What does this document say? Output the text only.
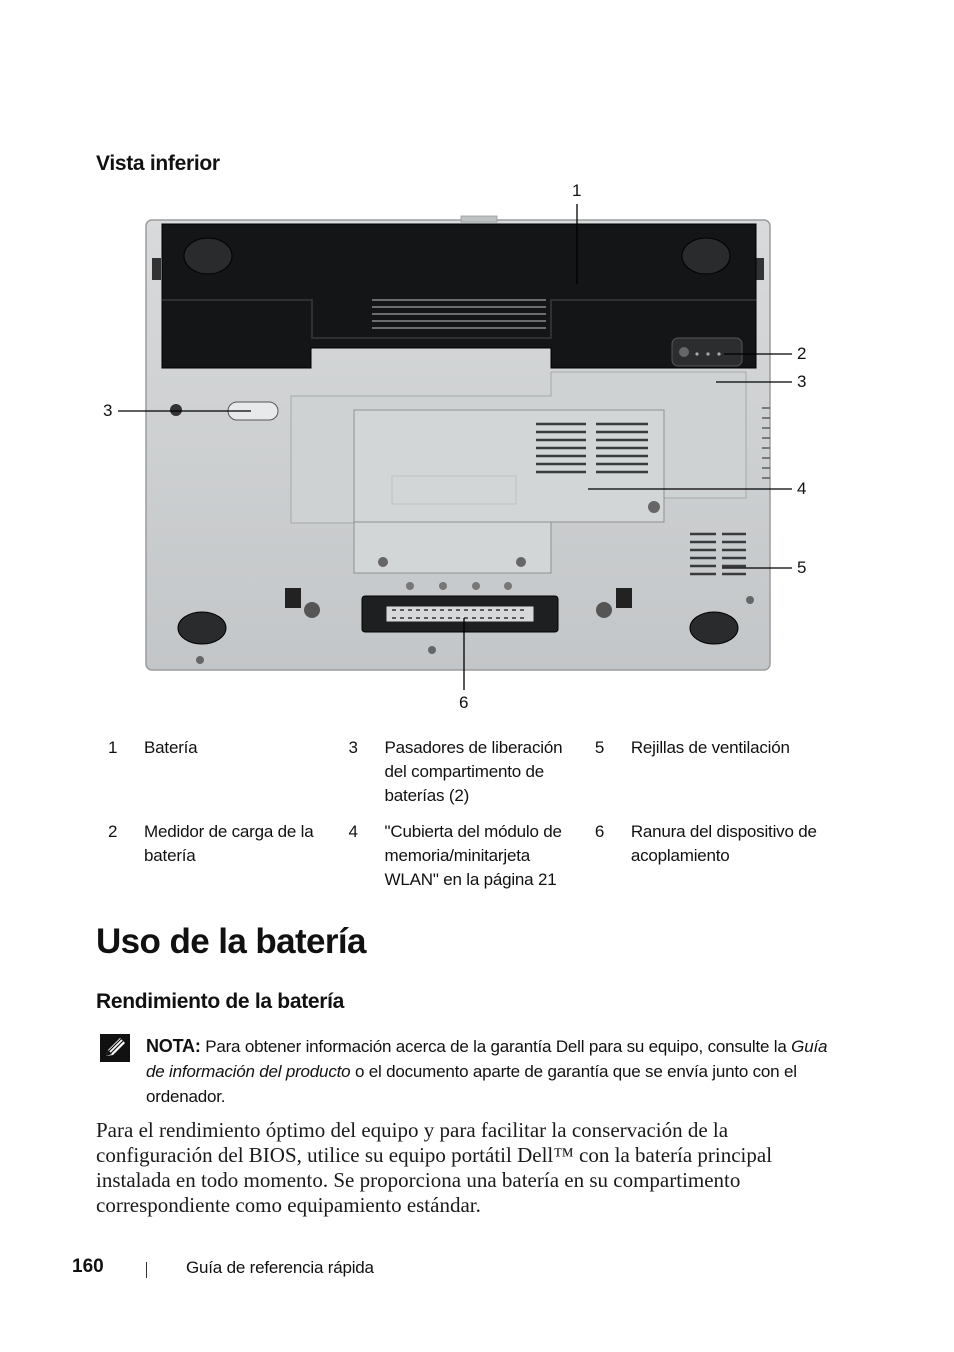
Vista inferior
1
2
3
3
4
5
6
1	Batería	3	Pasadores de liberación del compartimento de baterías (2)	5	Rejillas de ventilación
2	Medidor de carga de la batería	4	"Cubierta del módulo de memoria/minitarjeta WLAN" en la página 21	6	Ranura del dispositivo de acoplamiento
Uso de la batería
Rendimiento de la batería

NOTA: Para obtener información acerca de la garantía Dell para su equipo, consulte la Guía de información del producto o el documento aparte de garantía que se envía junto con el ordenador.

Para el rendimiento óptimo del equipo y para facilitar la conservación de la configuración del BIOS, utilice su equipo portátil Dell™ con la batería principal instalada en todo momento. Se proporciona una batería en su compartimento correspondiente como equipamiento estándar.

160	Guía de referencia rápida
